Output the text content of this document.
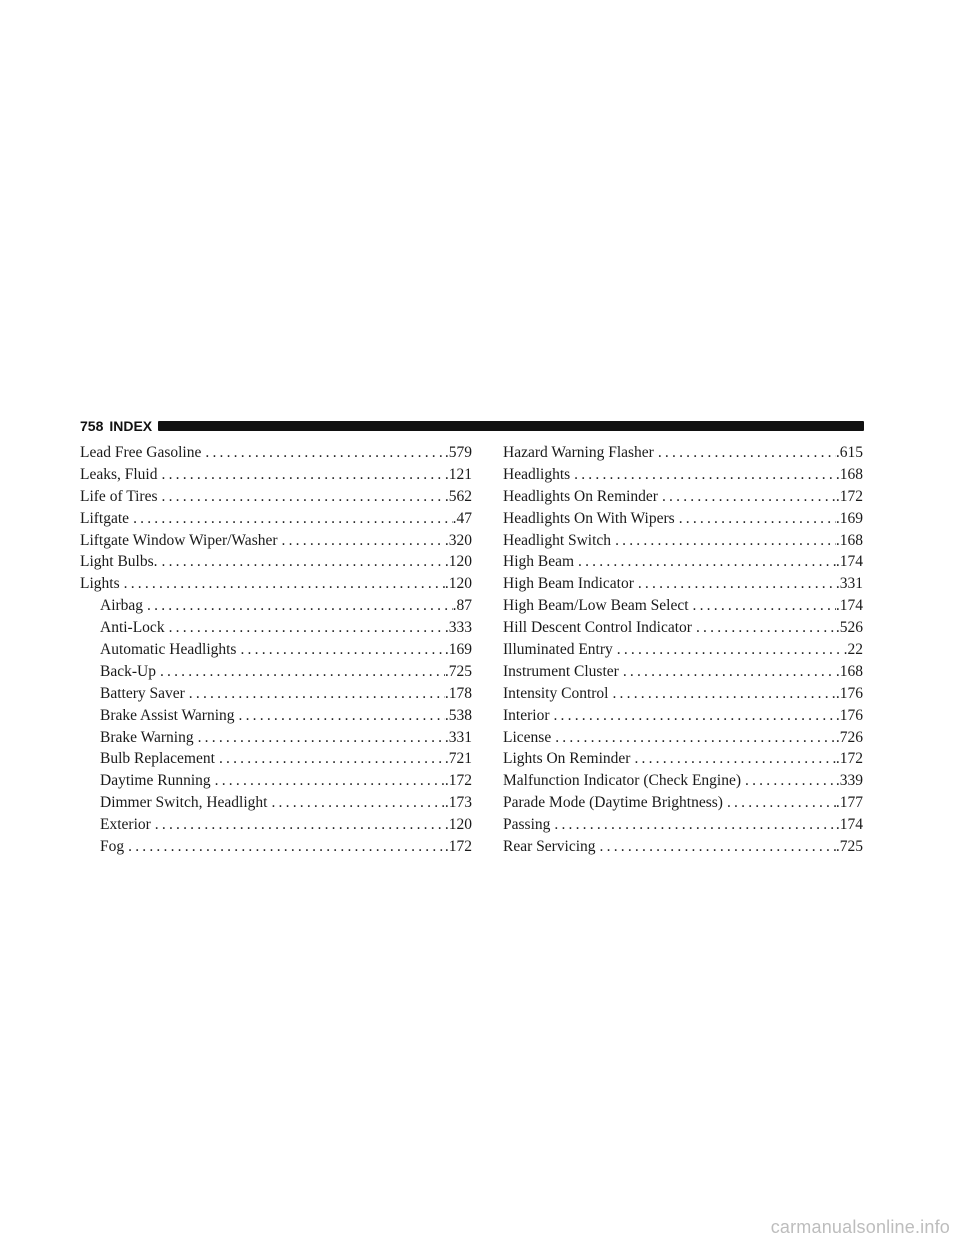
758 INDEX
Lead Free Gasoline .....	.579
Leaks, Fluid .....	.121
Life of Tires .....	.562
Liftgate .....	.47
Liftgate Window Wiper/Washer .....	.320
Light Bulbs. .....	.120
Lights .....	.120
Airbag .....	.87
Anti-Lock .....	.333
Automatic Headlights .....	.169
Back-Up .....	.725
Battery Saver .....	.178
Brake Assist Warning .....	.538
Brake Warning .....	.331
Bulb Replacement .....	.721
Daytime Running .....	.172
Dimmer Switch, Headlight .....	.173
Exterior .....	.120
Fog .....	.172
Hazard Warning Flasher .....	.615
Headlights .....	.168
Headlights On Reminder .....	.172
Headlights On With Wipers .....	.169
Headlight Switch .....	.168
High Beam .....	.174
High Beam Indicator .....	.331
High Beam/Low Beam Select .....	.174
Hill Descent Control Indicator .....	.526
Illuminated Entry .....	.22
Instrument Cluster .....	.168
Intensity Control .....	.176
Interior .....	.176
License .....	.726
Lights On Reminder .....	.172
Malfunction Indicator (Check Engine) .....	.339
Parade Mode (Daytime Brightness) .....	.177
Passing .....	.174
Rear Servicing .....	.725
carmanualsonline.info
